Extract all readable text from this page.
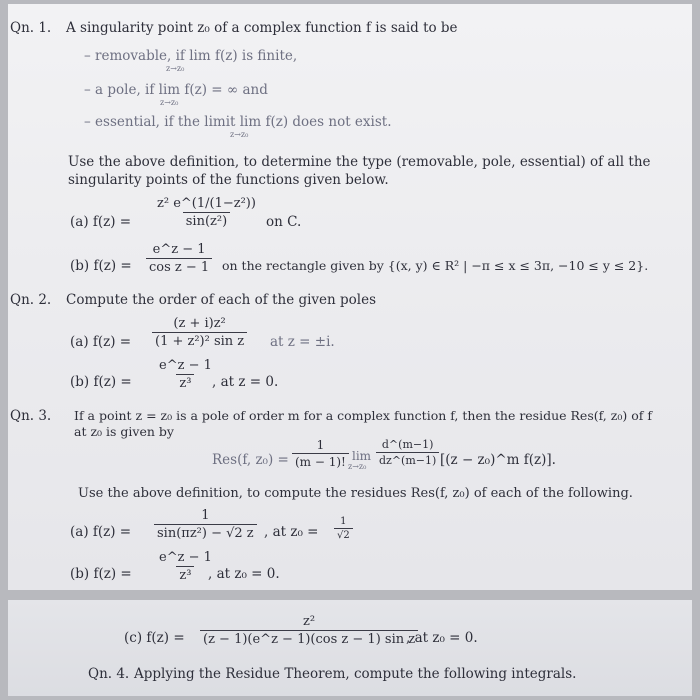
Qn. 1. A singularity point z₀ of a complex function f is said to be
– removable, if lim f(z) is finite,
z→z₀
– a pole, if lim f(z) = ∞ and
z→z₀
– essential, if the limit lim f(z) does not exist.
z→z₀
Use the above definition, to determine the type (removable, pole, essential) of all the
singularity points of the functions given below.
(a) $f(z) = \frac{\text{z² e\textasciicircum{}(1/(1−z²))}}{\text{sin(z²)}}$ on C.
(b) $f(z) = \frac{e\^{}z - 1}{\text{cos z − 1}}$ on the rectangle given by {(x, y) ∈ R² | −π ≤ x ≤ 3π, −10 ≤ y ≤ 2}.
Qn. 2. Compute the order of each of the given poles
(a) $f(z) = \frac{\text{(z + i)z²}}{\text{(1 + z²)² sin z}}$ at z = ±i.
(b) $f(z) = \frac{e\^{}z - 1}{\text{z³}}$
, at z = 0.
Qn. 3. If a point z = z₀ is a pole of order m for a complex function f, then the residue Res(f, z₀) of f
at z₀ is given by
Res(f, $z_0) = \frac{1}{(m - 1)!}$ lim
$z\to z_0 \frac{d\^{}(m-1)}{dz\^{}(m-1)} [(z$ − z₀)^m f(z)].
Use the above definition, to compute the residues Res(f, z₀) of each of the following.
(a) $f(z) = \frac{1}{\text{sin(πz²) − √2 z}}$ , at $z_0 = \frac{1}{√2}$
(b) $f(z) = \frac{e\^{}z - 1}{\text{z³}}$
, at z₀ = 0.
(c) $f(z) = \frac{\text{z²}}{\text{(z − 1)(e\textasciicircum{}z − 1)(cos z − 1) sin z}}$
, at z₀ = 0.
Qn. 4. Applying the Residue Theorem, compute the following integrals.
